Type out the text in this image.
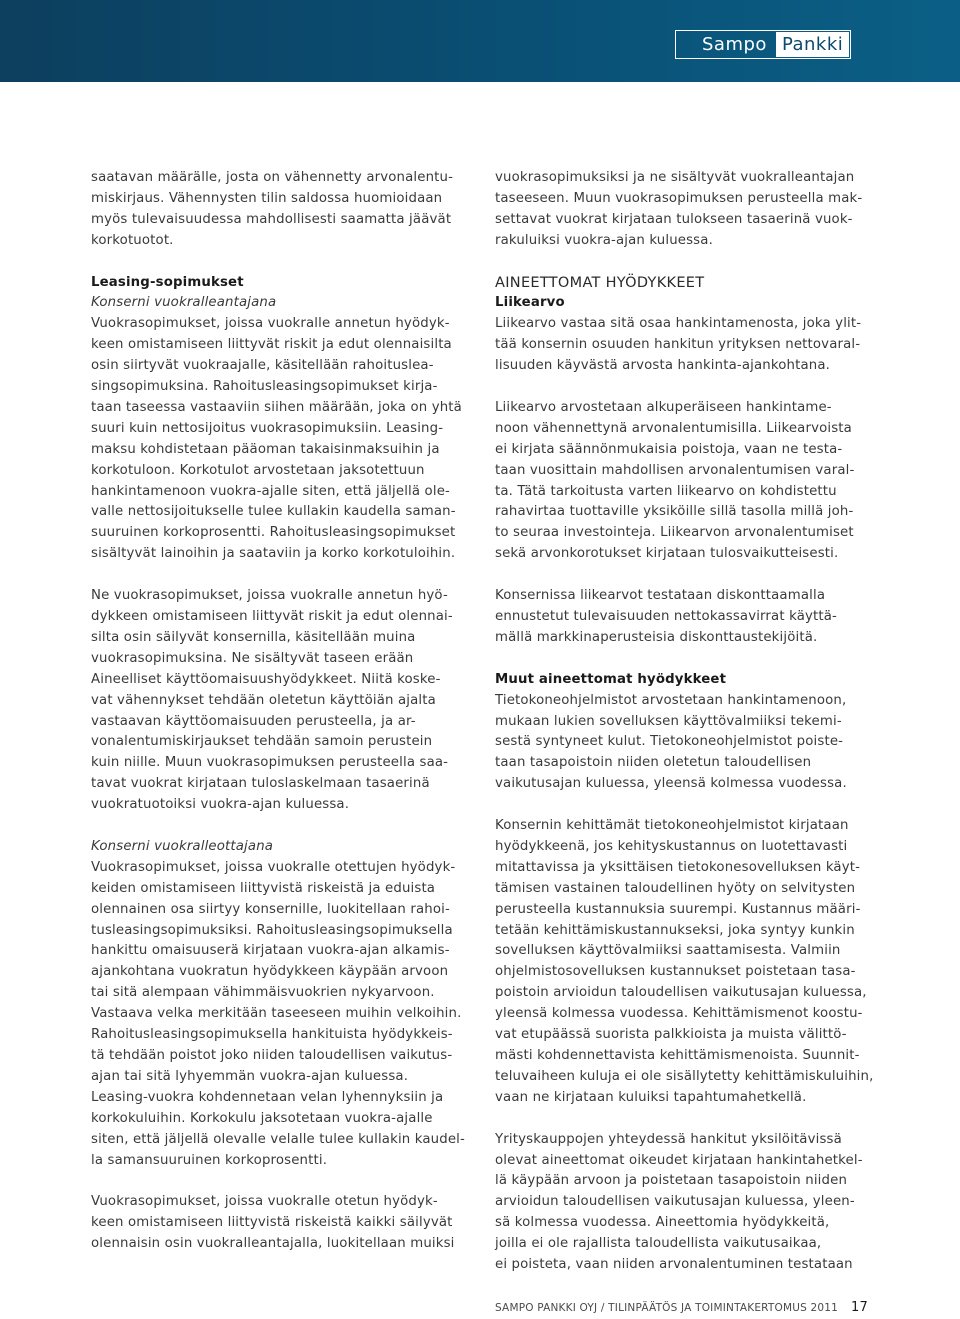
Sampo Pankki

saatavan määrälle, josta on vähennetty arvonalentu-
miskirjaus. Vähennysten tilin saldossa huomioidaan
myös tulevaisuudessa mahdollisesti saamatta jäävät
korkotuotot.

Leasing-sopimukset
Konserni vuokralleantajana

Vuokrasopimukset, joissa vuokralle annetun hyödyk-
keen omistamiseen liittyvät riskit ja edut olennaisilta
osin siirtyvät vuokraajalle, käsitellään rahoituslea-
singsopimuksina. Rahoitusleasingsopimukset kirja-
taan taseessa vastaaviin siihen määrään, joka on yhtä
suuri kuin nettosijoitus vuokrasopimuksiin. Leasing-
maksu kohdistetaan pääoman takaisinmaksuihin ja
korkotuloon. Korkotulot arvostetaan jaksotettuun
hankintamenoon vuokra-ajalle siten, että jäljellä ole-
valle nettosijoitukselle tulee kullakin kaudella saman-
suuruinen korkoprosentti. Rahoitusleasingsopimukset
sisältyvät lainoihin ja saataviin ja korko korkotuloihin.

Ne vuokrasopimukset, joissa vuokralle annetun hyö-
dykkeen omistamiseen liittyvät riskit ja edut olennai-
silta osin säilyvät konsernilla, käsitellään muina
vuokrasopimuksina. Ne sisältyvät taseen erään
Aineelliset käyttöomaisuushyödykkeet. Niitä koske-
vat vähennykset tehdään oletetun käyttöiän ajalta
vastaavan käyttöomaisuuden perusteella, ja ar-
vonalentumiskirjaukset tehdään samoin perustein
kuin niille. Muun vuokrasopimuksen perusteella saa-
tavat vuokrat kirjataan tuloslaskelmaan tasaerinä
vuokratuotoiksi vuokra-ajan kuluessa.

Konserni vuokralleottajana

Vuokrasopimukset, joissa vuokralle otettujen hyödyk-
keiden omistamiseen liittyvistä riskeistä ja eduista
olennainen osa siirtyy konsernille, luokitellaan rahoi-
tusleasingsopimuksiksi. Rahoitusleasingsopimuksella
hankittu omaisuuserä kirjataan vuokra-ajan alkamis-
ajankohtana vuokratun hyödykkeen käypään arvoon
tai sitä alempaan vähimmäisvuokrien nykyarvoon.
Vastaava velka merkitään taseeseen muihin velkoihin.
Rahoitusleasingsopimuksella hankituista hyödykkeis-
tä tehdään poistot joko niiden taloudellisen vaikutus-
ajan tai sitä lyhyemmän vuokra-ajan kuluessa.
Leasing-vuokra kohdennetaan velan lyhennyksiin ja
korkokuluihin. Korkokulu jaksotetaan vuokra-ajalle
siten, että jäljellä olevalle velalle tulee kullakin kaudel-
la samansuuruinen korkoprosentti.

Vuokrasopimukset, joissa vuokralle otetun hyödyk-
keen omistamiseen liittyvistä riskeistä kaikki säilyvät
olennaisin osin vuokralleantajalla, luokitellaan muiksi

vuokrasopimuksiksi ja ne sisältyvät vuokralleantajan
taseeseen. Muun vuokrasopimuksen perusteella mak-
settavat vuokrat kirjataan tulokseen tasaerinä vuok-
rakuluiksi vuokra-ajan kuluessa.

AINEETTOMAT HYÖDYKKEET
Liikearvo

Liikearvo vastaa sitä osaa hankintamenosta, joka ylit-
tää konsernin osuuden hankitun yrityksen nettovaral-
lisuuden käyvästä arvosta hankinta-ajankohtana.

Liikearvo arvostetaan alkuperäiseen hankintame-
noon vähennettynä arvonalentumisilla. Liikearvoista
ei kirjata säännönmukaisia poistoja, vaan ne testa-
taan vuosittain mahdollisen arvonalentumisen varal-
ta. Tätä tarkoitusta varten liikearvo on kohdistettu
rahavirtaa tuottaville yksiköille sillä tasolla millä joh-
to seuraa investointeja. Liikearvon arvonalentumiset
sekä arvonkorotukset kirjataan tulosvaikutteisesti.

Konsernissa liikearvot testataan diskonttaamalla
ennustetut tulevaisuuden nettokassavirrat käyttä-
mällä markkinaperusteisia diskonttaustekijöitä.

Muut aineettomat hyödykkeet

Tietokoneohjelmistot arvostetaan hankintamenoon,
mukaan lukien sovelluksen käyttövalmiiksi tekemi-
sestä syntyneet kulut. Tietokoneohjelmistot poiste-
taan tasapoistoin niiden oletetun taloudellisen
vaikutusajan kuluessa, yleensä kolmessa vuodessa.

Konsernin kehittämät tietokoneohjelmistot kirjataan
hyödykkeenä, jos kehityskustannus on luotettavasti
mitattavissa ja yksittäisen tietokonesovelluksen käyt-
tämisen vastainen taloudellinen hyöty on selvitysten
perusteella kustannuksia suurempi. Kustannus määri-
tetään kehittämiskustannukseksi, joka syntyy kunkin
sovelluksen käyttövalmiiksi saattamisesta. Valmiin
ohjelmistosovelluksen kustannukset poistetaan tasa-
poistoin arvioidun taloudellisen vaikutusajan kuluessa,
yleensä kolmessa vuodessa. Kehittämismenot koostu-
vat etupäässä suorista palkkioista ja muista välittö-
mästi kohdennettavista kehittämismenoista. Suunnit-
teluvaiheen kuluja ei ole sisällytetty kehittämiskuluihin,
vaan ne kirjataan kuluiksi tapahtumahetkellä.

Yrityskauppojen yhteydessä hankitut yksilöitävissä
olevat aineettomat oikeudet kirjataan hankintahetkel-
lä käypään arvoon ja poistetaan tasapoistoin niiden
arvioidun taloudellisen vaikutusajan kuluessa, yleen-
sä kolmessa vuodessa. Aineettomia hyödykkeitä,
joilla ei ole rajallista taloudellista vaikutusaikaa,
ei poisteta, vaan niiden arvonalentuminen testataan

SAMPO PANKKI OYJ / TILINPÄÄTÖS JA TOIMINTAKERTOMUS 2011 17
